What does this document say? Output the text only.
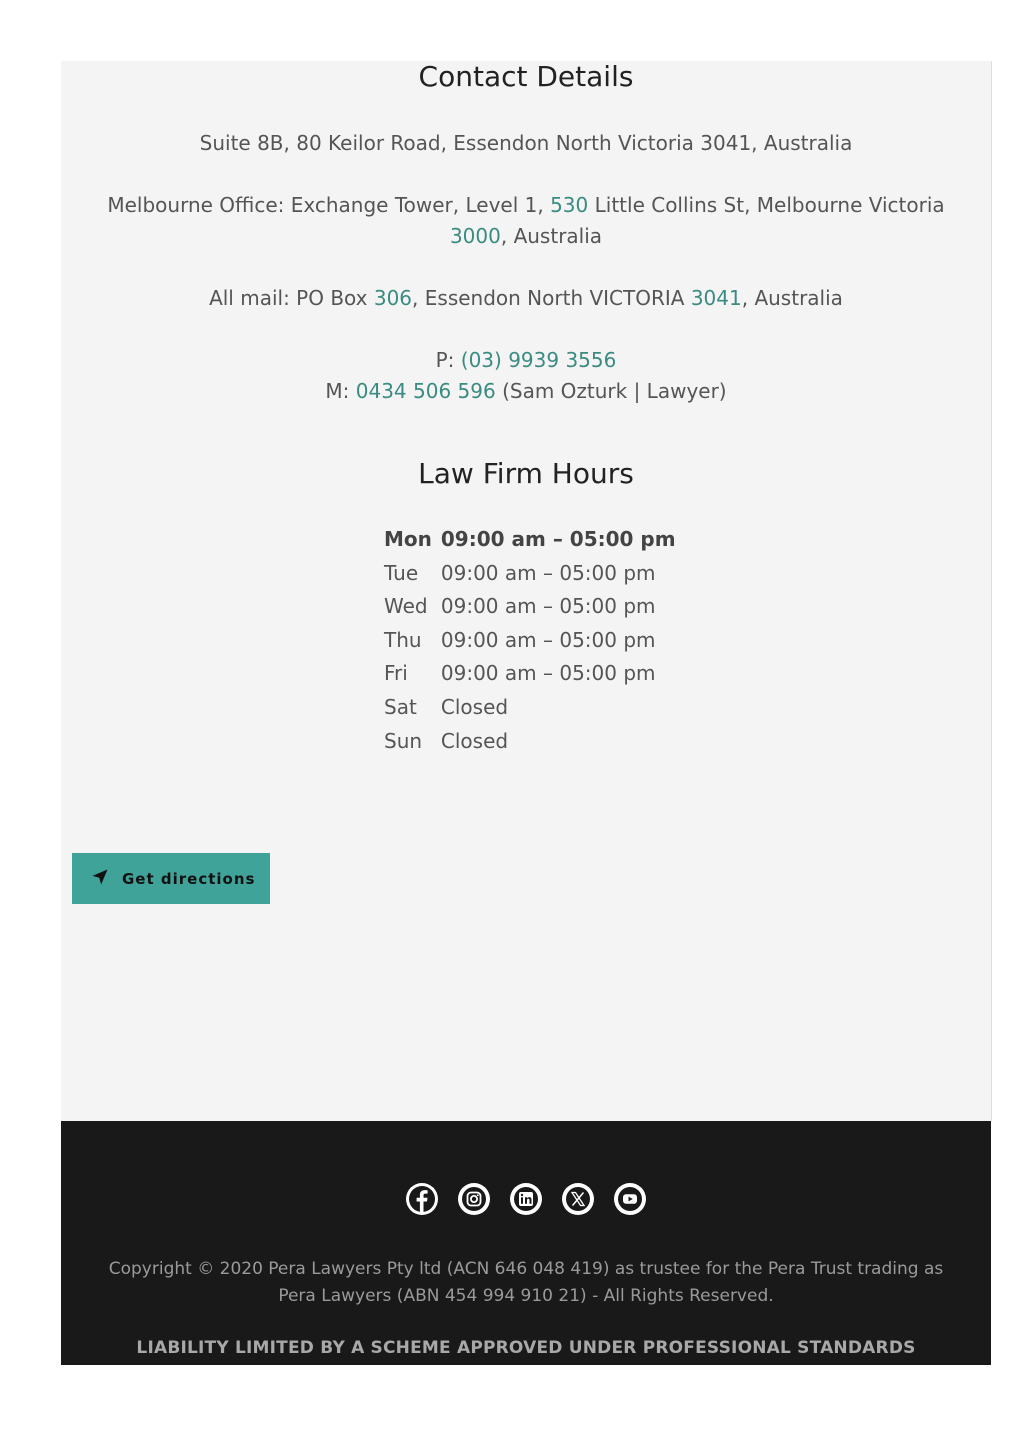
Contact Details
Suite 8B, 80 Keilor Road, Essendon North Victoria 3041, Australia
Melbourne Office: Exchange Tower, Level 1, 530 Little Collins St, Melbourne Victoria
3000, Australia
All mail: PO Box 306, Essendon North VICTORIA 3041, Australia
P: (03) 9939 3556
M: 0434 506 596 (Sam Ozturk | Lawyer)
Law Firm Hours
Mon	09:00 am – 05:00 pm
Tue	09:00 am – 05:00 pm
Wed	09:00 am – 05:00 pm
Thu	09:00 am – 05:00 pm
Fri	09:00 am – 05:00 pm
Sat	Closed
Sun	Closed
Get directions
Copyright © 2020 Pera Lawyers Pty ltd (ACN 646 048 419) as trustee for the Pera Trust trading as
Pera Lawyers (ABN 454 994 910 21) - All Rights Reserved.
LIABILITY LIMITED BY A SCHEME APPROVED UNDER PROFESSIONAL STANDARDS
